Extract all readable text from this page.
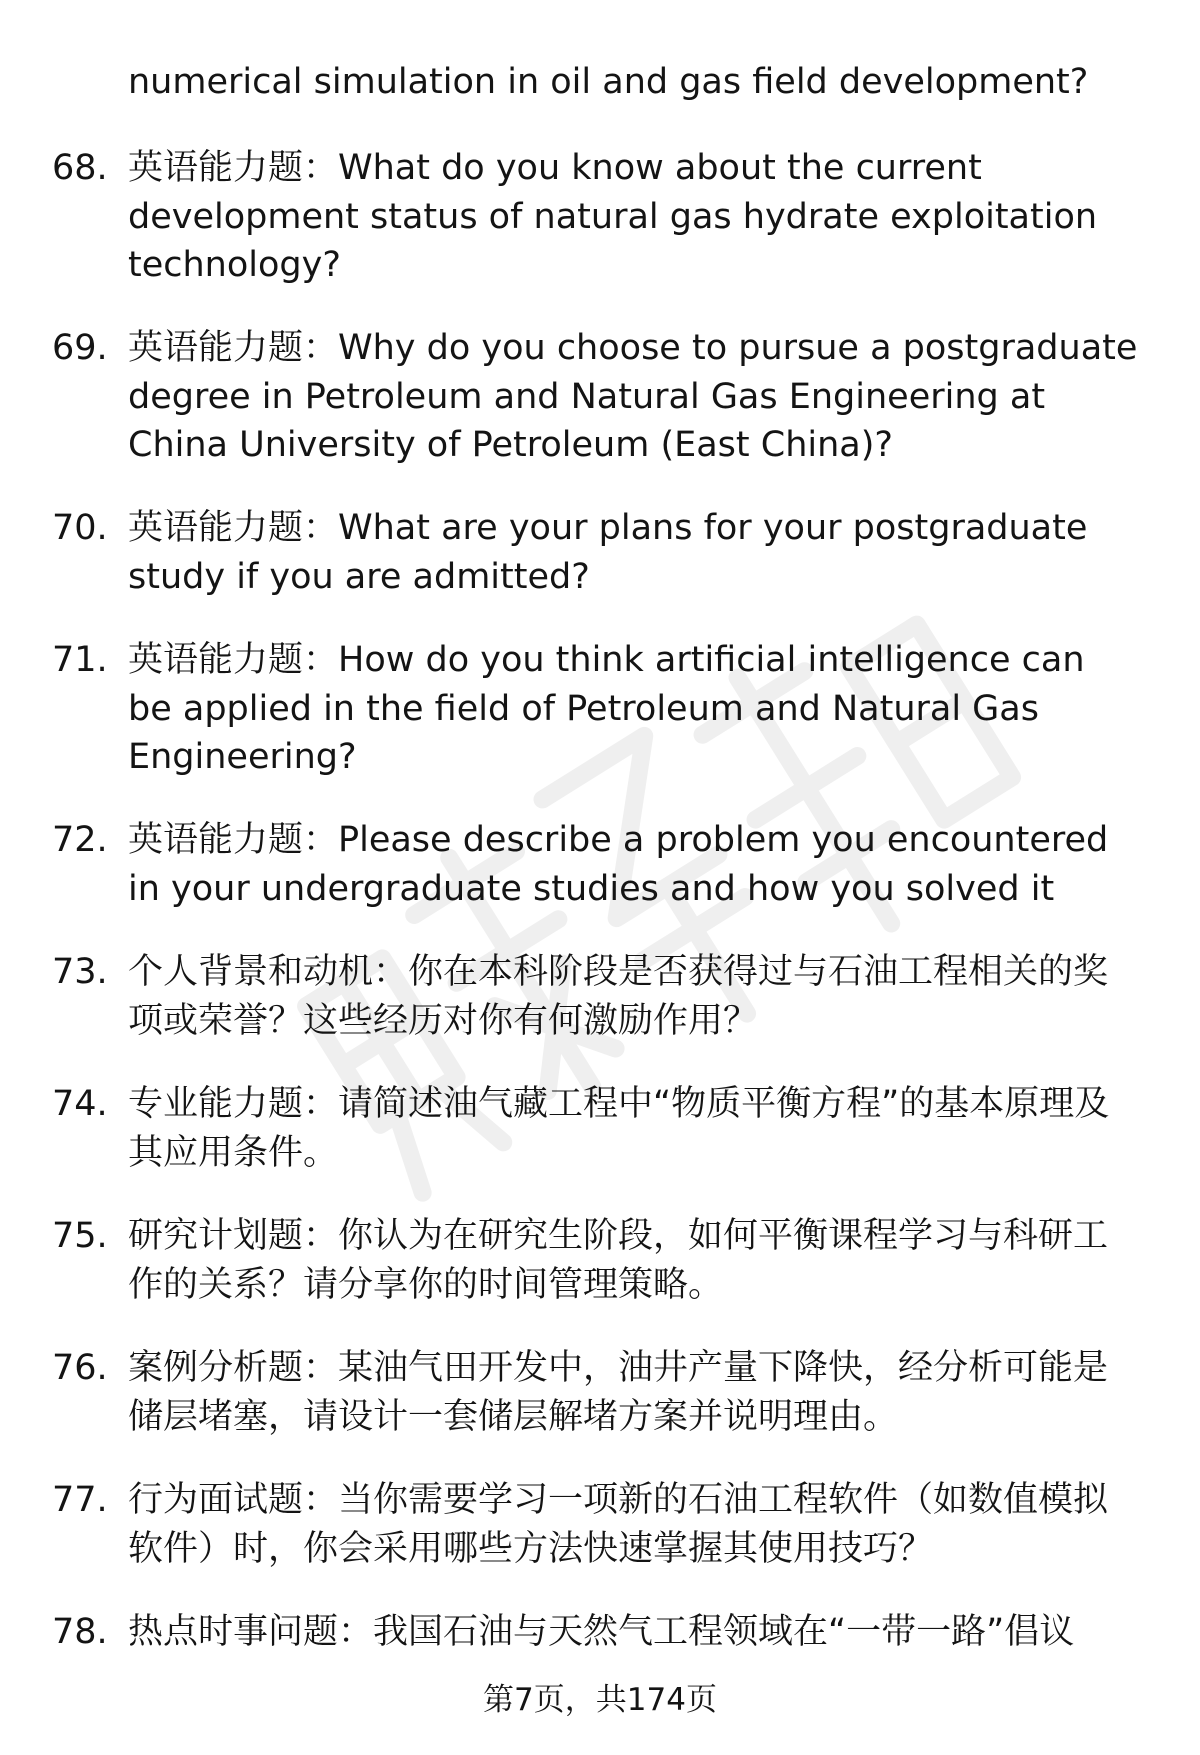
numerical simulation in oil and gas field development?
68. 英语能力题：What do you know about the current development status of natural gas hydrate exploitation technology?
69. 英语能力题：Why do you choose to pursue a postgraduate degree in Petroleum and Natural Gas Engineering at China University of Petroleum (East China)?
70. 英语能力题：What are your plans for your postgraduate study if you are admitted?
71. 英语能力题：How do you think artificial intelligence can be applied in the field of Petroleum and Natural Gas Engineering?
72. 英语能力题：Please describe a problem you encountered in your undergraduate studies and how you solved it
73. 个人背景和动机：你在本科阶段是否获得过与石油工程相关的奖项或荣誉？这些经历对你有何激励作用？
74. 专业能力题：请简述油气藏工程中“物质平衡方程”的基本原理及其应用条件。
75. 研究计划题：你认为在研究生阶段，如何平衡课程学习与科研工作的关系？请分享你的时间管理策略。
76. 案例分析题：某油气田开发中，油井产量下降快，经分析可能是储层堵塞，请设计一套储层解堵方案并说明理由。
77. 行为面试题：当你需要学习一项新的石油工程软件（如数值模拟软件）时，你会采用哪些方法快速掌握其使用技巧？
78. 热点时事问题：我国石油与天然气工程领域在“一带一路”倡议
第7页，共174页
